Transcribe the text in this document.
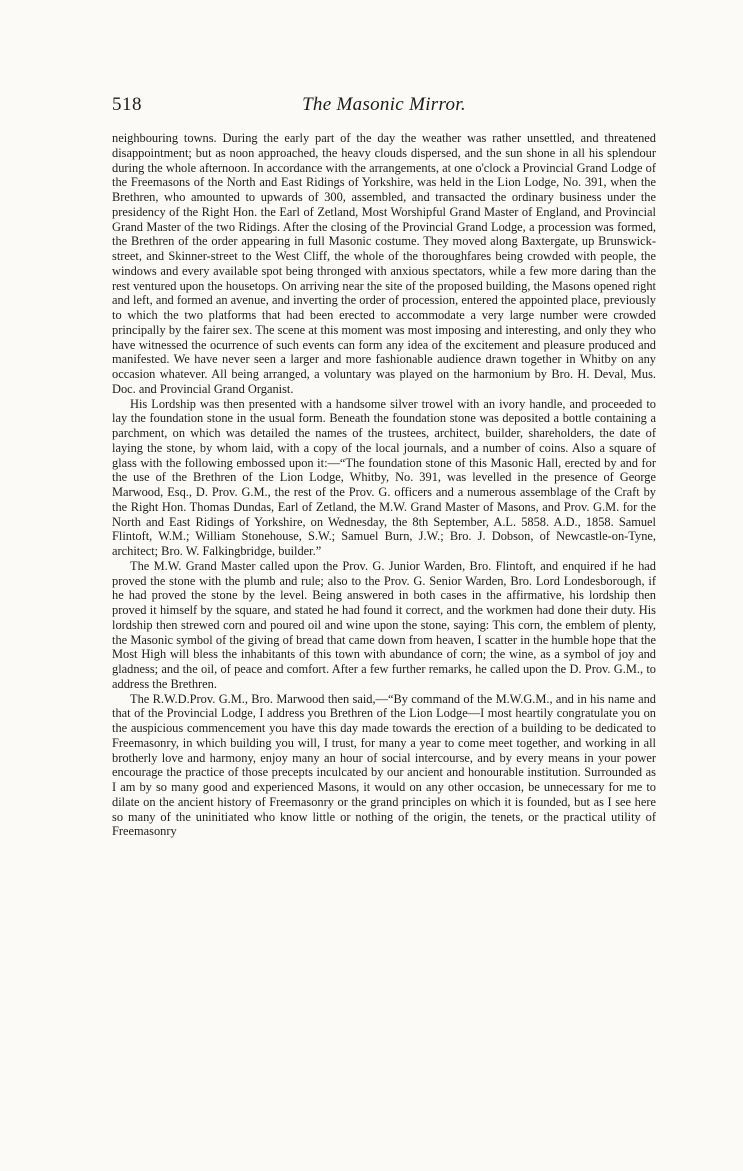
518	The Masonic Mirror.

neighbouring towns. During the early part of the day the weather was rather unsettled, and threatened disappointment; but as noon approached, the heavy clouds dispersed, and the sun shone in all his splendour during the whole afternoon. In accordance with the arrangements, at one o'clock a Provincial Grand Lodge of the Freemasons of the North and East Ridings of Yorkshire, was held in the Lion Lodge, No. 391, when the Brethren, who amounted to upwards of 300, assembled, and transacted the ordinary business under the presidency of the Right Hon. the Earl of Zetland, Most Worshipful Grand Master of England, and Provincial Grand Master of the two Ridings. After the closing of the Provincial Grand Lodge, a procession was formed, the Brethren of the order appearing in full Masonic costume. They moved along Baxtergate, up Brunswick-street, and Skinner-street to the West Cliff, the whole of the thoroughfares being crowded with people, the windows and every available spot being thronged with anxious spectators, while a few more daring than the rest ventured upon the housetops. On arriving near the site of the proposed building, the Masons opened right and left, and formed an avenue, and inverting the order of procession, entered the appointed place, previously to which the two platforms that had been erected to accommodate a very large number were crowded principally by the fairer sex. The scene at this moment was most imposing and interesting, and only they who have witnessed the ocurrence of such events can form any idea of the excitement and pleasure produced and manifested. We have never seen a larger and more fashionable audience drawn together in Whitby on any occasion whatever. All being arranged, a voluntary was played on the harmonium by Bro. H. Deval, Mus. Doc. and Provincial Grand Organist.

His Lordship was then presented with a handsome silver trowel with an ivory handle, and proceeded to lay the foundation stone in the usual form. Beneath the foundation stone was deposited a bottle containing a parchment, on which was detailed the names of the trustees, architect, builder, shareholders, the date of laying the stone, by whom laid, with a copy of the local journals, and a number of coins. Also a square of glass with the following embossed upon it:—“The foundation stone of this Masonic Hall, erected by and for the use of the Brethren of the Lion Lodge, Whitby, No. 391, was levelled in the presence of George Marwood, Esq., D. Prov. G.M., the rest of the Prov. G. officers and a numerous assemblage of the Craft by the Right Hon. Thomas Dundas, Earl of Zetland, the M.W. Grand Master of Masons, and Prov. G.M. for the North and East Ridings of Yorkshire, on Wednesday, the 8th September, A.L. 5858. A.D., 1858. Samuel Flintoft, W.M.; William Stonehouse, S.W.; Samuel Burn, J.W.; Bro. J. Dobson, of Newcastle-on-Tyne, architect; Bro. W. Falkingbridge, builder.”

The M.W. Grand Master called upon the Prov. G. Junior Warden, Bro. Flintoft, and enquired if he had proved the stone with the plumb and rule; also to the Prov. G. Senior Warden, Bro. Lord Londesborough, if he had proved the stone by the level. Being answered in both cases in the affirmative, his lordship then proved it himself by the square, and stated he had found it correct, and the workmen had done their duty. His lordship then strewed corn and poured oil and wine upon the stone, saying: This corn, the emblem of plenty, the Masonic symbol of the giving of bread that came down from heaven, I scatter in the humble hope that the Most High will bless the inhabitants of this town with abundance of corn; the wine, as a symbol of joy and gladness; and the oil, of peace and comfort. After a few further remarks, he called upon the D. Prov. G.M., to address the Brethren.

The R.W.D.Prov. G.M., Bro. Marwood then said,—“By command of the M.W.G.M., and in his name and that of the Provincial Lodge, I address you Brethren of the Lion Lodge—I most heartily congratulate you on the auspicious commencement you have this day made towards the erection of a building to be dedicated to Freemasonry, in which building you will, I trust, for many a year to come meet together, and working in all brotherly love and harmony, enjoy many an hour of social intercourse, and by every means in your power encourage the practice of those precepts inculcated by our ancient and honourable institution. Surrounded as I am by so many good and experienced Masons, it would on any other occasion, be unnecessary for me to dilate on the ancient history of Freemasonry or the grand principles on which it is founded, but as I see here so many of the uninitiated who know little or nothing of the origin, the tenets, or the practical utility of Freemasonry
